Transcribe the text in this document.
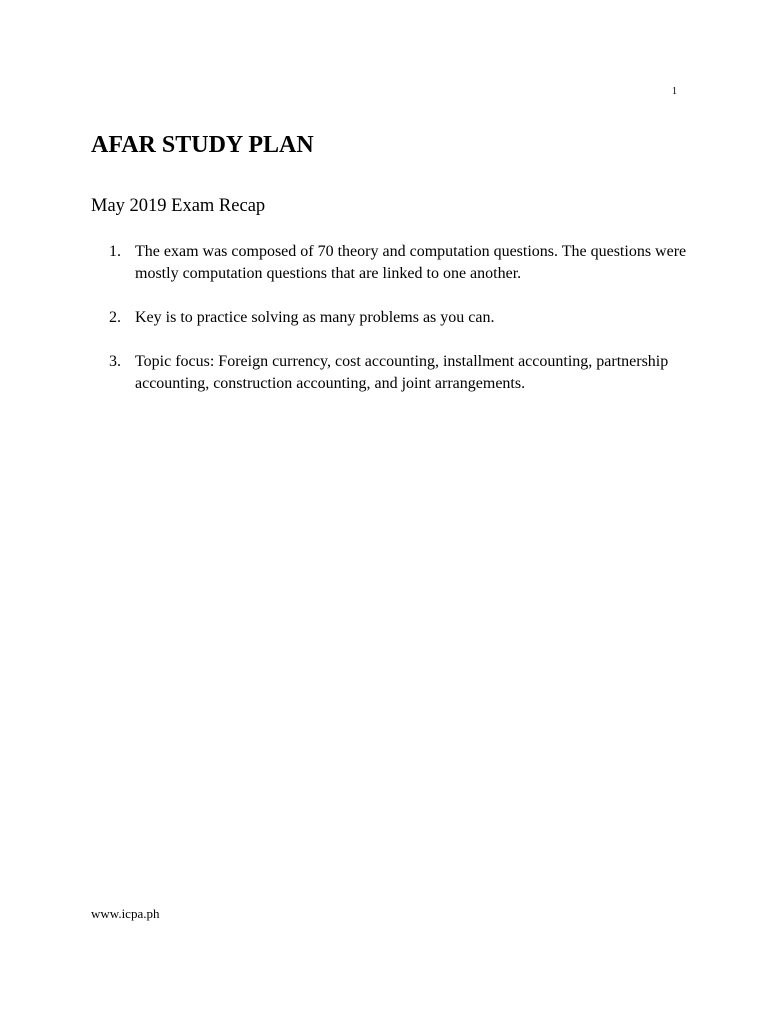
1
AFAR STUDY PLAN
May 2019 Exam Recap
1. The exam was composed of 70 theory and computation questions. The questions were mostly computation questions that are linked to one another.
2. Key is to practice solving as many problems as you can.
3. Topic focus: Foreign currency, cost accounting, installment accounting, partnership accounting, construction accounting, and joint arrangements.
www.icpa.ph
